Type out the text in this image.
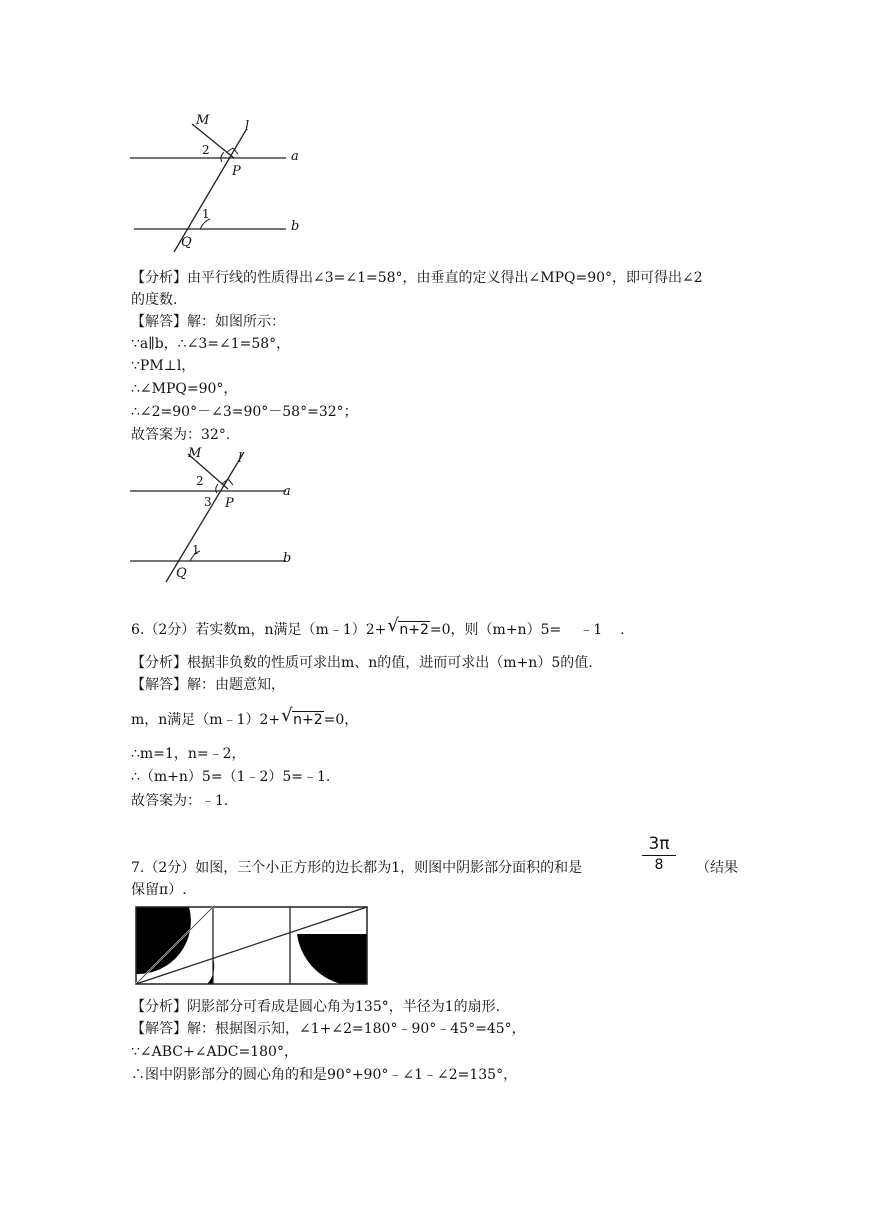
M	l
a
b
P
Q
1
2
【分析】由平行线的性质得出∠3=∠1=58°，由垂直的定义得出∠MPQ=90°，即可得出∠2
的度数.
【解答】解：如图所示：
∵a∥b，∴∠3=∠1=58°，
∵PM⊥l，
∴∠MPQ=90°，
∴∠2=90°－∠3=90°－58°=32°；
故答案为：32°.
M	l
a
b
P
Q
1
2
3
6.（2分）若实数m，n满足（m﹣1）2+ √ n+2=0，则（m+n）5= ﹣1 .
【分析】根据非负数的性质可求出m、n的值，进而可求出（m+n）5的值.
【解答】解：由题意知，
m，n满足（m﹣1）2+ √ n+2=0，
∴m=1，n=﹣2，
∴（m+n）5=（1﹣2）5=﹣1.
故答案为：﹣1.
7.（2分）如图，三个小正方形的边长都为1，则图中阴影部分面积的和是
3π
8	（结果
保留π）.
【分析】阴影部分可看成是圆心角为135°，半径为1的扇形.
【解答】解：根据图示知，∠1+∠2=180°﹣90°﹣45°=45°，
∵∠ABC+∠ADC=180°，
∴图中阴影部分的圆心角的和是90°+90°﹣∠1﹣∠2=135°，
